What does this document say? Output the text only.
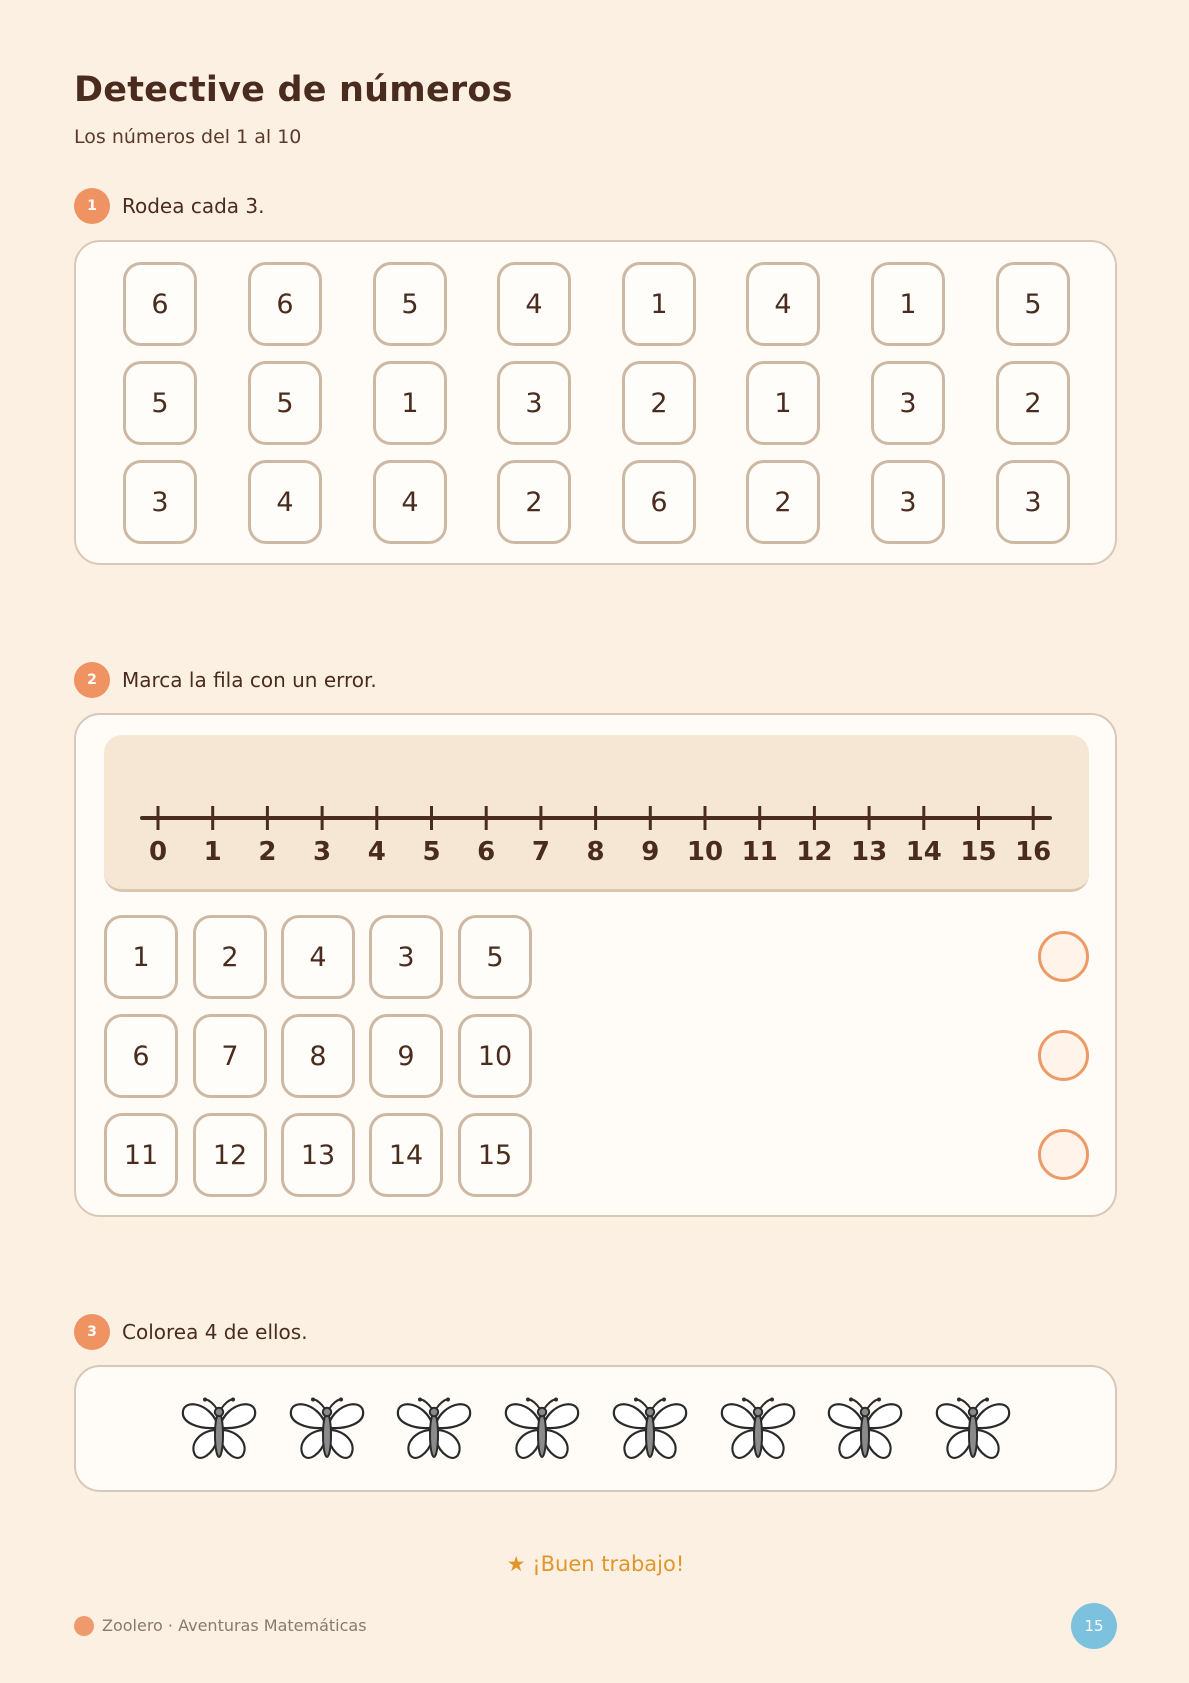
Detective de números
Los números del 1 al 10
1	Rodea cada 3.
6	6	5	4	1	4	1	5
5	5	1	3	2	1	3	2
3	4	4	2	6	2	3	3
2	Marca la fila con un error.
0 1 2 3 4 5 6 7 8 9 10 11 12 13 14 15 16
1	2	4	3	5
6	7	8	9	10
11	12	13	14	15
3	Colorea 4 de ellos.
★ ¡Buen trabajo!
Zoolero · Aventuras Matemáticas	15
